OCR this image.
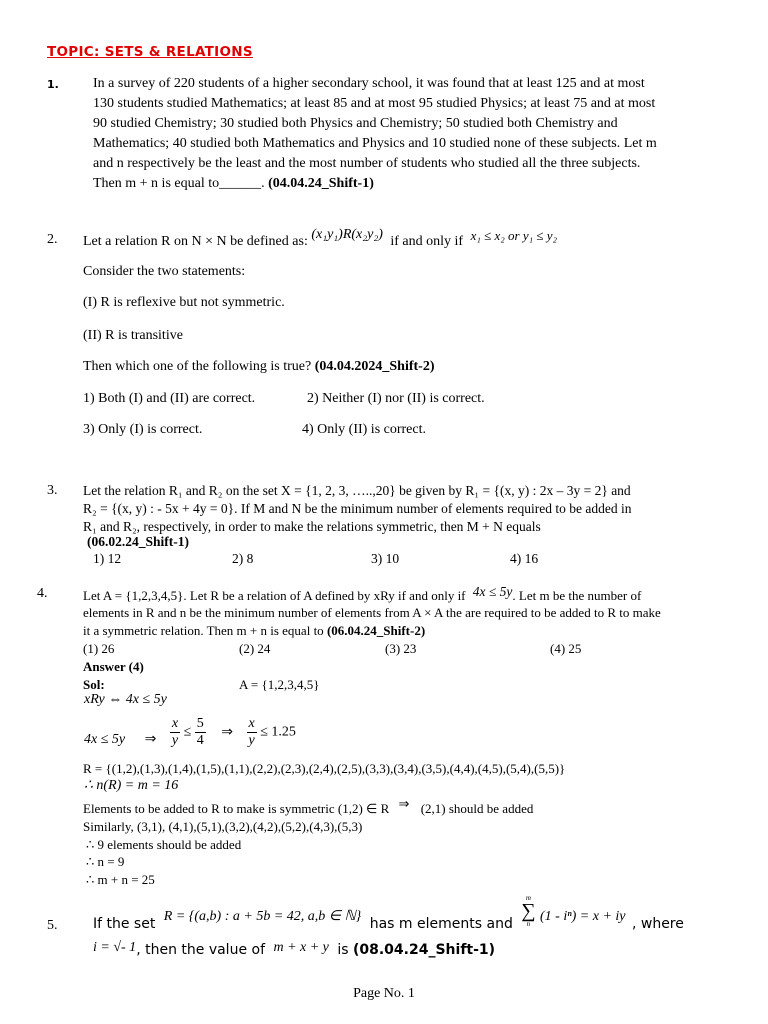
TOPIC: SETS & RELATIONS
1. In a survey of 220 students of a higher secondary school, it was found that at least 125 and at most
130 students studied Mathematics; at least 85 and at most 95 studied Physics; at least 75 and at most
90 studied Chemistry; 30 studied both Physics and Chemistry; 50 studied both Chemistry and
Mathematics; 40 studied both Mathematics and Physics and 10 studied none of these subjects. Let m
and n respectively be the least and the most number of students who studied all the three subjects.
Then m + n is equal to______. (04.04.24_Shift-1)
2. Let a relation R on N × N be defined as: (x₁y₁)R(x₂y₂) if and only if x₁ ≤ x₂ or y₁ ≤ y₂
Consider the two statements:
(I) R is reflexive but not symmetric.
(II) R is transitive
Then which one of the following is true? (04.04.2024_Shift-2)
1) Both (I) and (II) are correct.	2) Neither (I) nor (II) is correct.
3) Only (I) is correct.	4) Only (II) is correct.
3. Let the relation R₁ and R₂ on the set X = {1, 2, 3, …..,20} be given by R₁ = {(x, y) : 2x – 3y = 2} and
R₂ = {(x, y) : - 5x + 4y = 0}. If M and N be the minimum number of elements required to be added in
R₁ and R₂, respectively, in order to make the relations symmetric, then M + N equals
(06.02.24_Shift-1)
1) 12	2) 8	3) 10	4) 16
4.	Let A = {1,2,3,4,5}. Let R be a relation of A defined by xRy if and only if 4x ≤ 5y. Let m be the number of
elements in R and n be the minimum number of elements from A × A the are required to be added to R to make
it a symmetric relation. Then m + n is equal to (06.04.24_Shift-2)
(1) 26	(2) 24	(3) 23	(4) 25
Answer (4)
Sol:	A = {1,2,3,4,5}
xRy ⇔ 4x ≤ 5y
4x ≤ 5y ⇒ $\frac{x}{y} \le \frac{5}{4}$ ⇒ $\frac{x}{y} \le 1.25$
R = {(1,2),(1,3),(1,4),(1,5),(1,1),(2,2),(2,3),(2,4),(2,5),(3,3),(3,4),(3,5),(4,4),(4,5),(5,4),(5,5)}
∴ n(R) = m = 16
Elements to be added to R to make is symmetric (1,2) ∈ R ⇒ (2,1) should be added
Similarly, (3,1), (4,1),(5,1),(3,2),(4,2),(5,2),(4,3),(5,3)
∴ 9 elements should be added
∴ n = 9
∴ m + n = 25
5.	If the set R = {(a,b) : a + 5b = 42, a,b ∈ ℕ} has m elements and
m
∑
n (1 - iⁿ) = x + iy , where
i = √- 1, then the value of m + x + y is (08.04.24_Shift-1)
Page No. 1
